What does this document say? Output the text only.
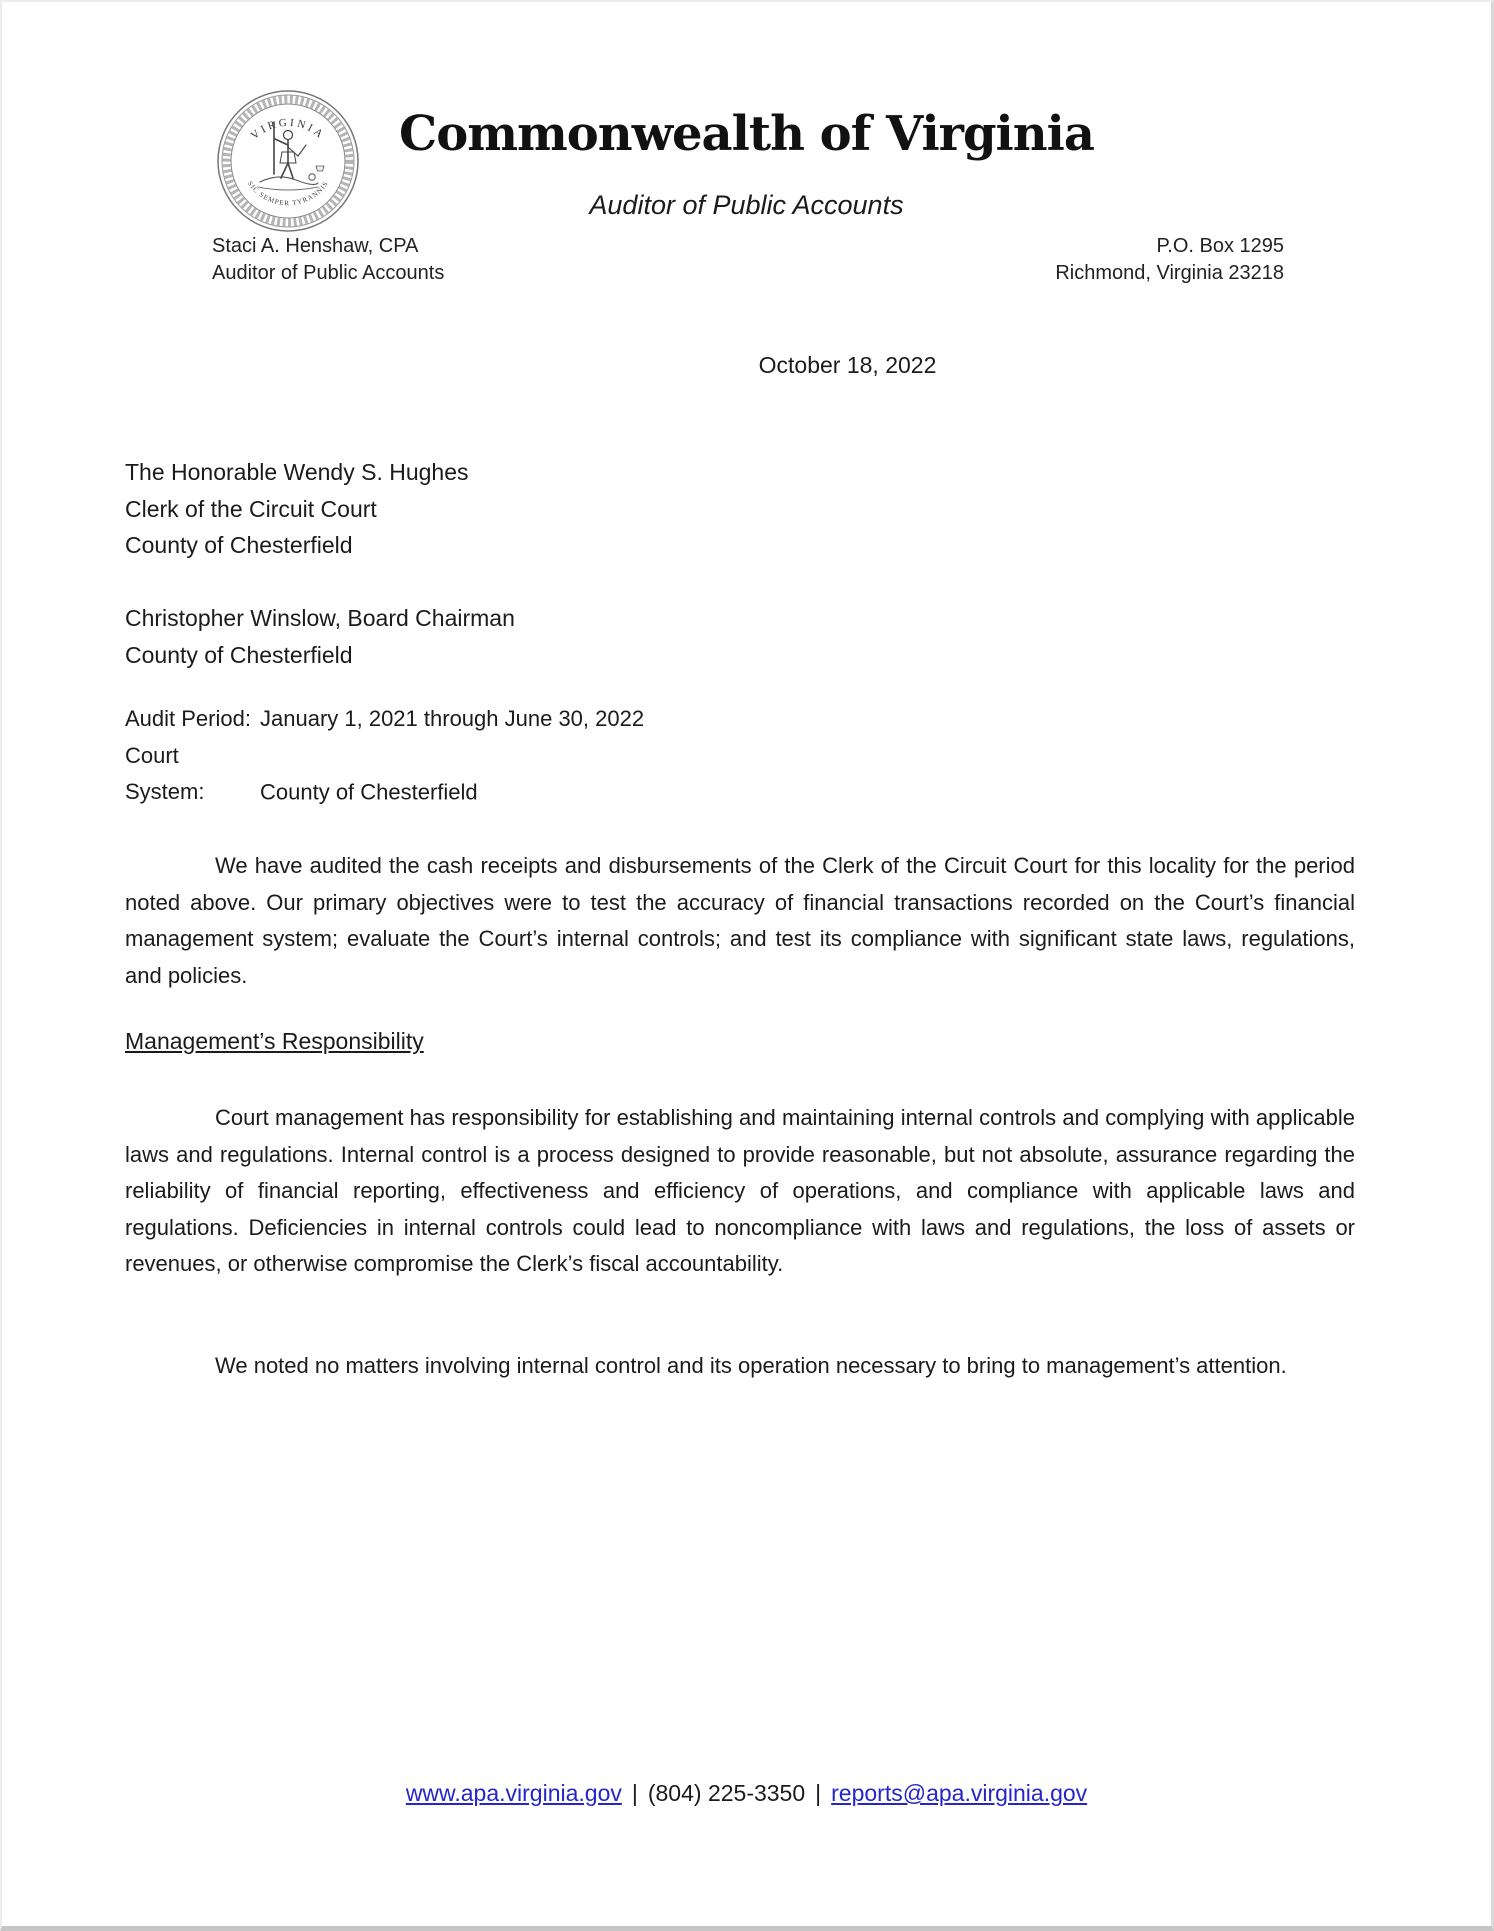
VIRGINIA
SIC SEMPER TYRANNIS
Commonwealth of Virginia
Auditor of Public Accounts
Staci A. Henshaw, CPA
Auditor of Public Accounts
P.O. Box 1295
Richmond, Virginia 23218
October 18, 2022
The Honorable Wendy S. Hughes
Clerk of the Circuit Court
County of Chesterfield
Christopher Winslow, Board Chairman
County of Chesterfield
Audit Period: January 1, 2021 through June 30, 2022
Court System:	County of Chesterfield

We have audited the cash receipts and disbursements of the Clerk of the Circuit Court for this locality for the period noted above. Our primary objectives were to test the accuracy of financial transactions recorded on the Court’s financial management system; evaluate the Court’s internal controls; and test its compliance with significant state laws, regulations, and policies.

Management’s Responsibility

Court management has responsibility for establishing and maintaining internal controls and complying with applicable laws and regulations. Internal control is a process designed to provide reasonable, but not absolute, assurance regarding the reliability of financial reporting, effectiveness and efficiency of operations, and compliance with applicable laws and regulations. Deficiencies in internal controls could lead to noncompliance with laws and regulations, the loss of assets or revenues, or otherwise compromise the Clerk’s fiscal accountability.

We noted no matters involving internal control and its operation necessary to bring to management’s attention.

www.apa.virginia.gov | (804) 225-3350 | reports@apa.virginia.gov
